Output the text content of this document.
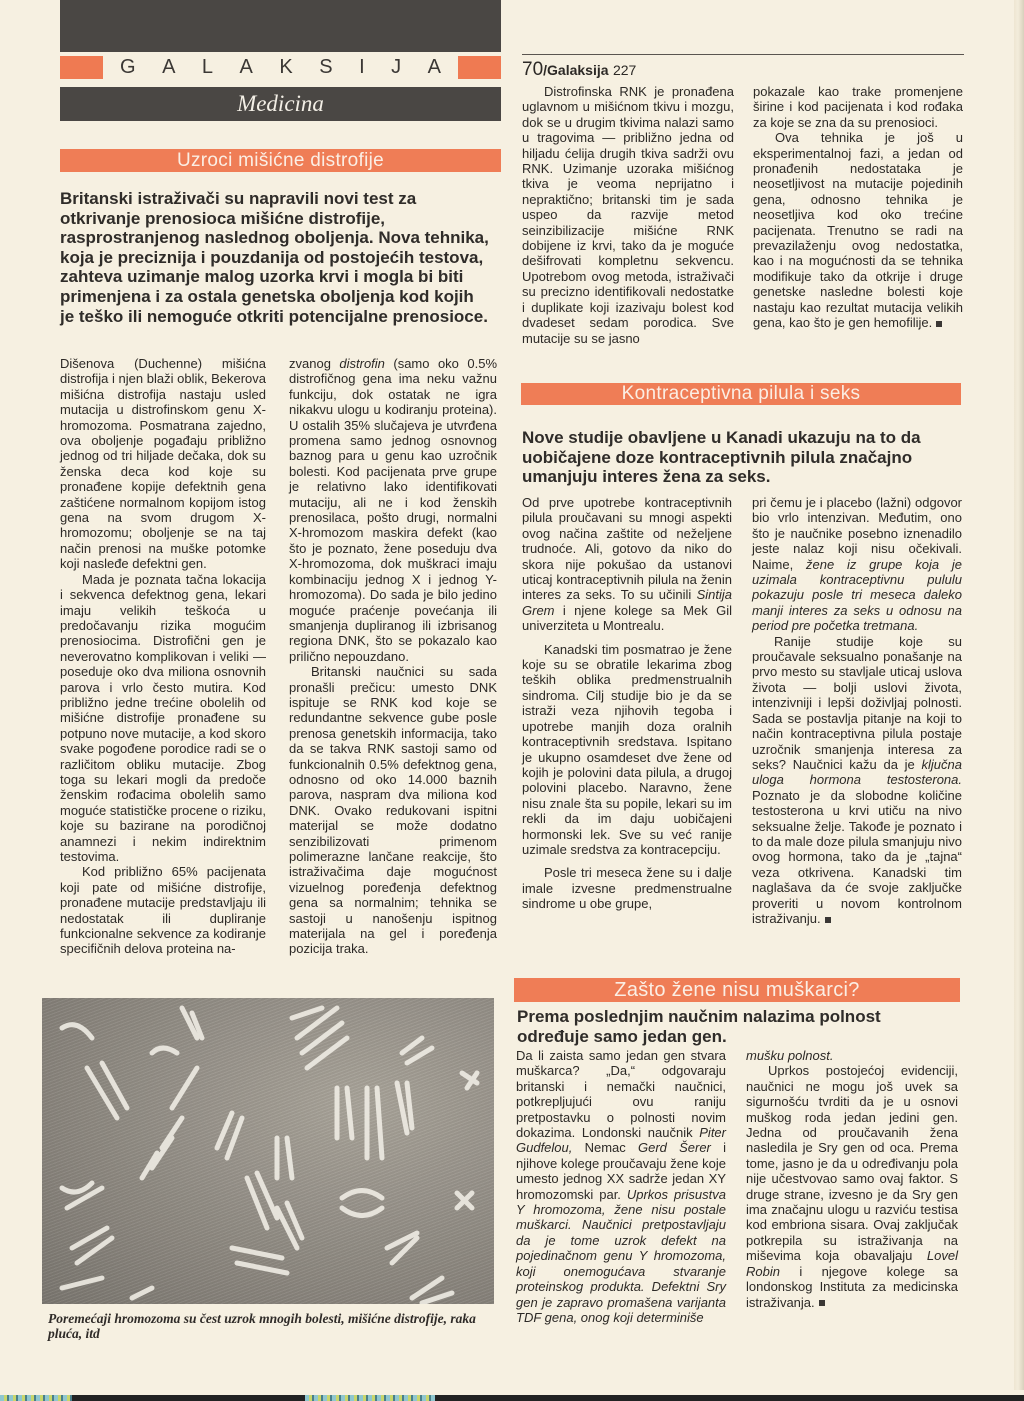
G A L A K S I J A
Medicina
Uzroci mišićne distrofije
Britanski istraživači su napravili novi test za otkrivanje prenosioca mišićne distrofije, rasprostranjenog naslednog oboljenja. Nova tehnika, koja je preciznija i pouzdanija od postojećih testova, zahteva uzimanje malog uzorka krvi i mogla bi biti primenjena i za ostala genetska oboljenja kod kojih je teško ili nemoguće otkriti potencijalne prenosioce.

Dišenova (Duchenne) mišićna distrofija i njen blaži oblik, Bekerova mišićna distrofija nastaju usled mutacija u distrofinskom genu X-hromozoma. Posmatrana zajedno, ova oboljenje pogađaju približno jednog od tri hiljade dečaka, dok su ženska deca kod koje su pronađene kopije defektnih gena zaštićene normalnom kopijom istog gena na svom drugom X-hromozomu; oboljenje se na taj način prenosi na muške potomke koji nasleđe defektni gen.

Mada je poznata tačna lokacija i sekvenca defektnog gena, lekari imaju velikih teškoća u predočavanju rizika mogućim prenosiocima. Distrofični gen je neverovatno komplikovan i veliki — poseduje oko dva miliona osnovnih parova i vrlo često mutira. Kod približno jedne trećine obolelih od mišićne distrofije pronađene su potpuno nove mutacije, a kod skoro svake pogođene porodice radi se o različitom obliku mutacije. Zbog toga su lekari mogli da predoče ženskim rođacima obolelih samo moguće statističke procene o riziku, koje su bazirane na porodičnoj anamnezi i nekim indirektnim testovima.

Kod približno 65% pacijenata koji pate od mišićne distrofije, pronađene mutacije predstavljaju ili nedostatak ili dupliranje funkcionalne sekvence za kodiranje specifičnih delova proteina na-

zvanog distrofin (samo oko 0.5% distrofičnog gena ima neku važnu funkciju, dok ostatak ne igra nikakvu ulogu u kodiranju proteina). U ostalih 35% slučajeva je utvrđena promena samo jednog osnovnog baznog para u genu kao uzročnik bolesti. Kod pacijenata prve grupe je relativno lako identifikovati mutaciju, ali ne i kod ženskih prenosilaca, pošto drugi, normalni X-hromozom maskira defekt (kao što je poznato, žene poseduju dva X-hromozoma, dok muškraci imaju kombinaciju jednog X i jednog Y-hromozoma). Do sada je bilo jedino moguće praćenje povećanja ili smanjenja dupliranog ili izbrisanog regiona DNK, što se pokazalo kao prilično nepouzdano.

Britanski naučnici su sada pronašli prečicu: umesto DNK ispituje se RNK kod koje se redundantne sekvence gube posle prenosa genetskih informacija, tako da se takva RNK sastoji samo od funkcionalnih 0.5% defektnog gena, odnosno od oko 14.000 baznih parova, naspram dva miliona kod DNK. Ovako redukovani ispitni materijal se može dodatno senzibilizovati primenom polimerazne lančane reakcije, što istraživačima daje mogućnost vizuelnog poređenja defektnog gena sa normalnim; tehnika se sastoji u nanošenju ispitnog materijala na gel i poređenja pozicija traka.

70/Galaksija 227

Distrofinska RNK je pronađena uglavnom u mišićnom tkivu i mozgu, dok se u drugim tkivima nalazi samo u tragovima — približno jedna od hiljadu ćelija drugih tkiva sadrži ovu RNK. Uzimanje uzoraka mišićnog tkiva je veoma neprijatno i nepraktično; britanski tim je sada uspeo da razvije metod seinzibilizacije mišićne RNK dobijene iz krvi, tako da je moguće dešifrovati kompletnu sekvencu. Upotrebom ovog metoda, istraživači su precizno identifikovali nedostatke i duplikate koji izazivaju bolest kod dvadeset sedam porodica. Sve mutacije su se jasno

pokazale kao trake promenjene širine i kod pacijenata i kod rođaka za koje se zna da su prenosioci.

Ova tehnika je još u eksperimentalnoj fazi, a jedan od pronađenih nedostataka je neosetljivost na mutacije pojedinih gena, odnosno tehnika je neosetljiva kod oko trećine pacijenata. Trenutno se radi na prevazilaženju ovog nedostatka, kao i na mogućnosti da se tehnika modifikuje tako da otkrije i druge genetske nasledne bolesti koje nastaju kao rezultat mutacija velikih gena, kao što je gen hemofilije.

Kontraceptivna pilula i seks
Nove studije obavljene u Kanadi ukazuju na to da uobičajene doze kontraceptivnih pilula značajno umanjuju interes žena za seks.

Od prve upotrebe kontraceptivnih pilula proučavani su mnogi aspekti ovog načina zaštite od neželjene trudnoće. Ali, gotovo da niko do skora nije pokušao da ustanovi uticaj kontraceptivnih pilula na ženin interes za seks. To su učinili Sintija Grem i njene kolege sa Mek Gil univerziteta u Montrealu.

Kanadski tim posmatrao je žene koje su se obratile lekarima zbog teških oblika predmenstrualnih sindroma. Cilj studije bio je da se istraži veza njihovih tegoba i upotrebe manjih doza oralnih kontraceptivnih sredstava. Ispitano je ukupno osamdeset dve žene od kojih je polovini data pilula, a drugoj polovini placebo. Naravno, žene nisu znale šta su popile, lekari su im rekli da im daju uobičajeni hormonski lek. Sve su već ranije uzimale sredstva za kontracepciju.

Posle tri meseca žene su i dalje imale izvesne predmenstrualne sindrome u obe grupe,

pri čemu je i placebo (lažni) odgovor bio vrlo intenzivan. Međutim, ono što je naučnike posebno iznenadilo jeste nalaz koji nisu očekivali. Naime, žene iz grupe koja je uzimala kontraceptivnu pululu pokazuju posle tri meseca daleko manji interes za seks u odnosu na period pre početka tretmana.

Ranije studije koje su proučavale seksualno ponašanje na prvo mesto su stavljale uticaj uslova života — bolji uslovi života, intenzivniji i lepši doživljaj polnosti. Sada se postavlja pitanje na koji to način kontraceptivna pilula postaje uzročnik smanjenja interesa za seks? Naučnici kažu da je ključna uloga hormona testosterona. Poznato je da slobodne količine testosterona u krvi utiču na nivo seksualne želje. Takođe je poznato i to da male doze pilula smanjuju nivo ovog hormona, tako da je „tajna“ veza otkrivena. Kanadski tim naglašava da će svoje zaključke proveriti u novom kontrolnom istraživanju.

Zašto žene nisu muškarci?
Prema poslednjim naučnim nalazima polnost određuje samo jedan gen.

Da li zaista samo jedan gen stvara muškarca? „Da,“ odgovaraju britanski i nemački naučnici, potkrepljujući ovu raniju pretpostavku o polnosti novim dokazima. Londonski naučnik Piter Gudfelou, Nemac Gerd Šerer i njihove kolege proučavaju žene koje umesto jednog XX sadrže jedan XY hromozomski par. Uprkos prisustva Y hromozoma, žene nisu postale muškarci. Naučnici pretpostavljaju da je tome uzrok defekt na pojedinačnom genu Y hromozoma, koji onemogućava stvaranje proteinskog produkta. Defektni Sry gen je zapravo promašena varijanta TDF gena, onog koji determiniše

mušku polnost.

Uprkos postojećoj evidenciji, naučnici ne mogu još uvek sa sigurnošću tvrditi da je u osnovi muškog roda jedan jedini gen. Jedna od proučavanih žena nasledila je Sry gen od oca. Prema tome, jasno je da u određivanju pola nije učestvovao samo ovaj faktor. S druge strane, izvesno je da Sry gen ima značajnu ulogu u razviću testisa kod embriona sisara. Ovaj zaključak potkrepila su istraživanja na miševima koja obavaljaju Lovel Robin i njegove kolege sa londonskog Instituta za medicinska istraživanja.

Poremećaji hromozoma su čest uzrok mnogih bolesti, mišićne distrofije, raka pluća, itd
